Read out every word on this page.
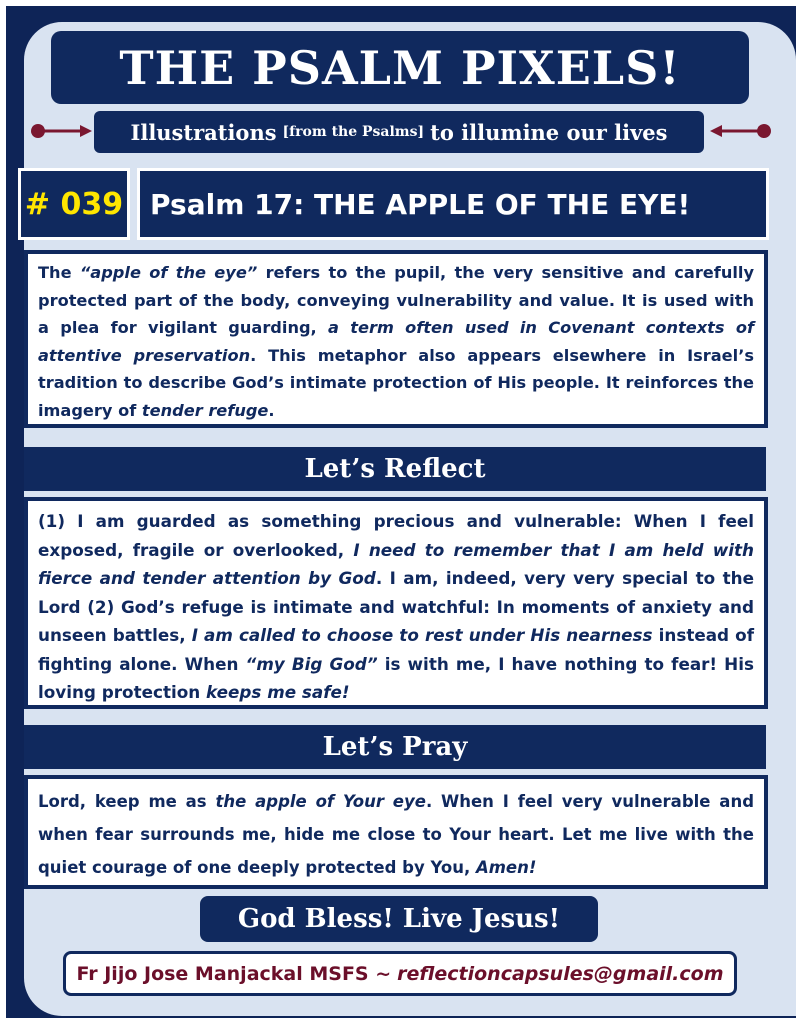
THE PSALM PIXELS!
Illustrations [from the Psalms] to illumine our lives
# 039 Psalm 17: THE APPLE OF THE EYE!
The “apple of the eye” refers to the pupil, the very sensitive and carefully protected part of the body, conveying vulnerability and value. It is used with a plea for vigilant guarding, a term often used in Covenant contexts of attentive preservation. This metaphor also appears elsewhere in Israel’s tradition to describe God’s intimate protection of His people. It reinforces the imagery of tender refuge.
Let’s Reflect
(1) I am guarded as something precious and vulnerable: When I feel exposed, fragile or overlooked, I need to remember that I am held with fierce and tender attention by God. I am, indeed, very very special to the Lord (2) God’s refuge is intimate and watchful: In moments of anxiety and unseen battles, I am called to choose to rest under His nearness instead of fighting alone. When “my Big God” is with me, I have nothing to fear! His loving protection keeps me safe!
Let’s Pray
Lord, keep me as the apple of Your eye. When I feel very vulnerable and when fear surrounds me, hide me close to Your heart. Let me live with the quiet courage of one deeply protected by You, Amen!
God Bless! Live Jesus!
Fr Jijo Jose Manjackal MSFS ~ reflectioncapsules@gmail.com
